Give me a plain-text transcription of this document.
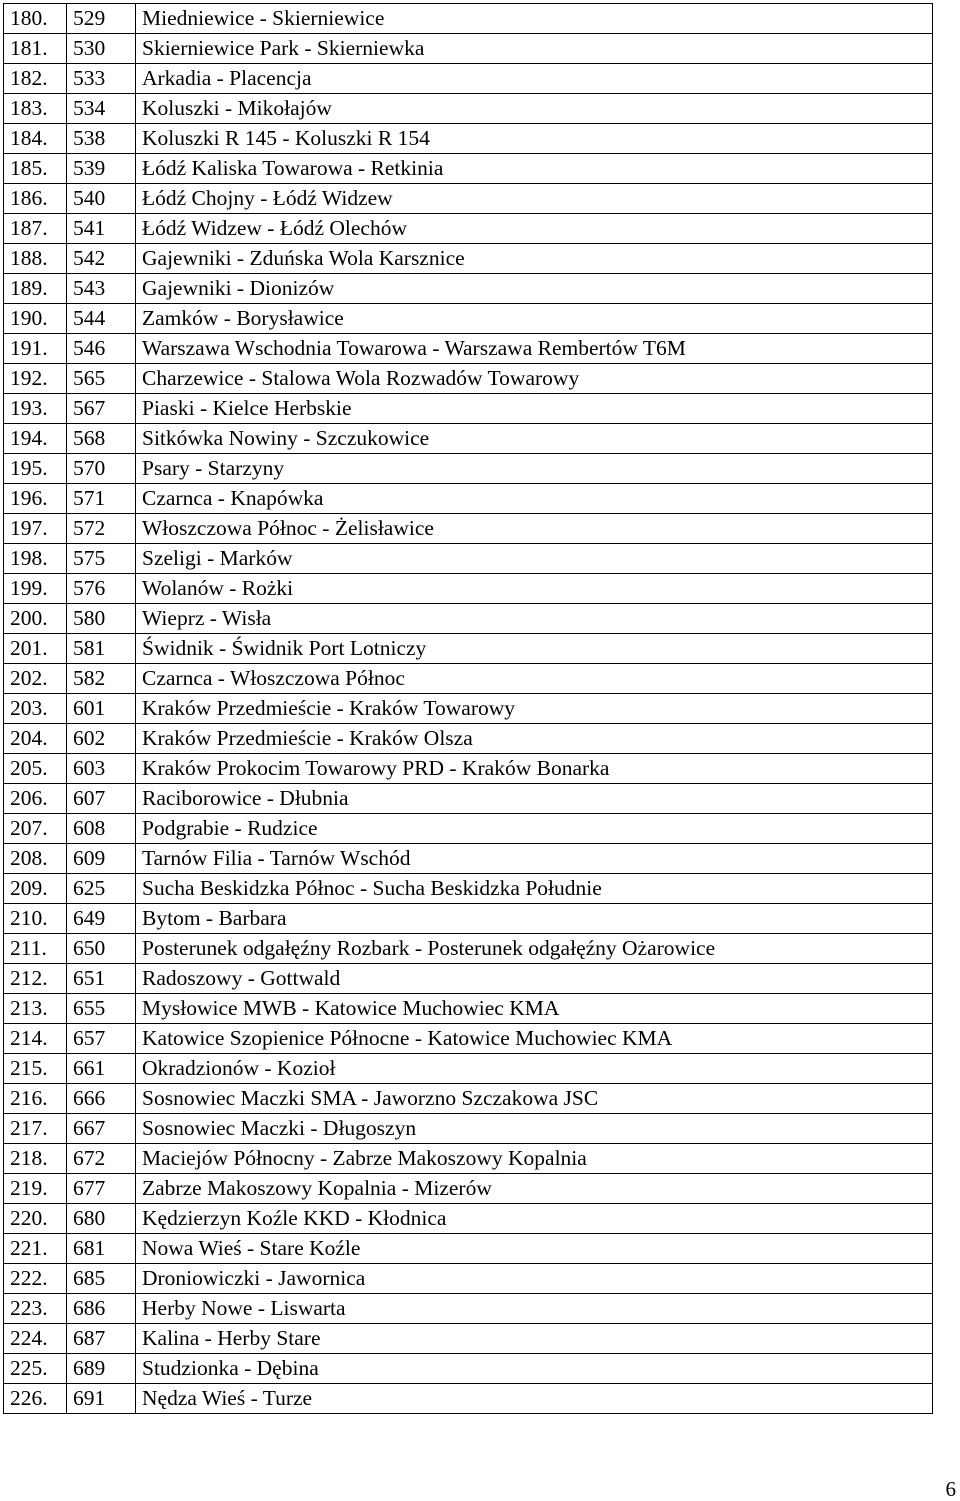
180.	529	Miedniewice - Skierniewice
181.	530	Skierniewice Park - Skierniewka
182.	533	Arkadia - Placencja
183.	534	Koluszki - Mikołajów
184.	538	Koluszki R 145 - Koluszki R 154
185.	539	Łódź Kaliska Towarowa - Retkinia
186.	540	Łódź Chojny - Łódź Widzew
187.	541	Łódź Widzew - Łódź Olechów
188.	542	Gajewniki - Zduńska Wola Karsznice
189.	543	Gajewniki - Dionizów
190.	544	Zamków - Borysławice
191.	546	Warszawa Wschodnia Towarowa - Warszawa Rembertów T6M
192.	565	Charzewice - Stalowa Wola Rozwadów Towarowy
193.	567	Piaski - Kielce Herbskie
194.	568	Sitkówka Nowiny - Szczukowice
195.	570	Psary - Starzyny
196.	571	Czarnca - Knapówka
197.	572	Włoszczowa Północ - Żelisławice
198.	575	Szeligi - Marków
199.	576	Wolanów - Rożki
200.	580	Wieprz - Wisła
201.	581	Świdnik - Świdnik Port Lotniczy
202.	582	Czarnca - Włoszczowa Północ
203.	601	Kraków Przedmieście - Kraków Towarowy
204.	602	Kraków Przedmieście - Kraków Olsza
205.	603	Kraków Prokocim Towarowy PRD - Kraków Bonarka
206.	607	Raciborowice - Dłubnia
207.	608	Podgrabie - Rudzice
208.	609	Tarnów Filia - Tarnów Wschód
209.	625	Sucha Beskidzka Północ - Sucha Beskidzka Południe
210.	649	Bytom - Barbara
211.	650	Posterunek odgałęźny Rozbark - Posterunek odgałęźny Ożarowice
212.	651	Radoszowy - Gottwald
213.	655	Mysłowice MWB - Katowice Muchowiec KMA
214.	657	Katowice Szopienice Północne - Katowice Muchowiec KMA
215.	661	Okradzionów - Kozioł
216.	666	Sosnowiec Maczki SMA - Jaworzno Szczakowa JSC
217.	667	Sosnowiec Maczki - Długoszyn
218.	672	Maciejów Północny - Zabrze Makoszowy Kopalnia
219.	677	Zabrze Makoszowy Kopalnia - Mizerów
220.	680	Kędzierzyn Koźle KKD - Kłodnica
221.	681	Nowa Wieś - Stare Koźle
222.	685	Droniowiczki - Jawornica
223.	686	Herby Nowe - Liswarta
224.	687	Kalina - Herby Stare
225.	689	Studzionka - Dębina
226.	691	Nędza Wieś - Turze
6
